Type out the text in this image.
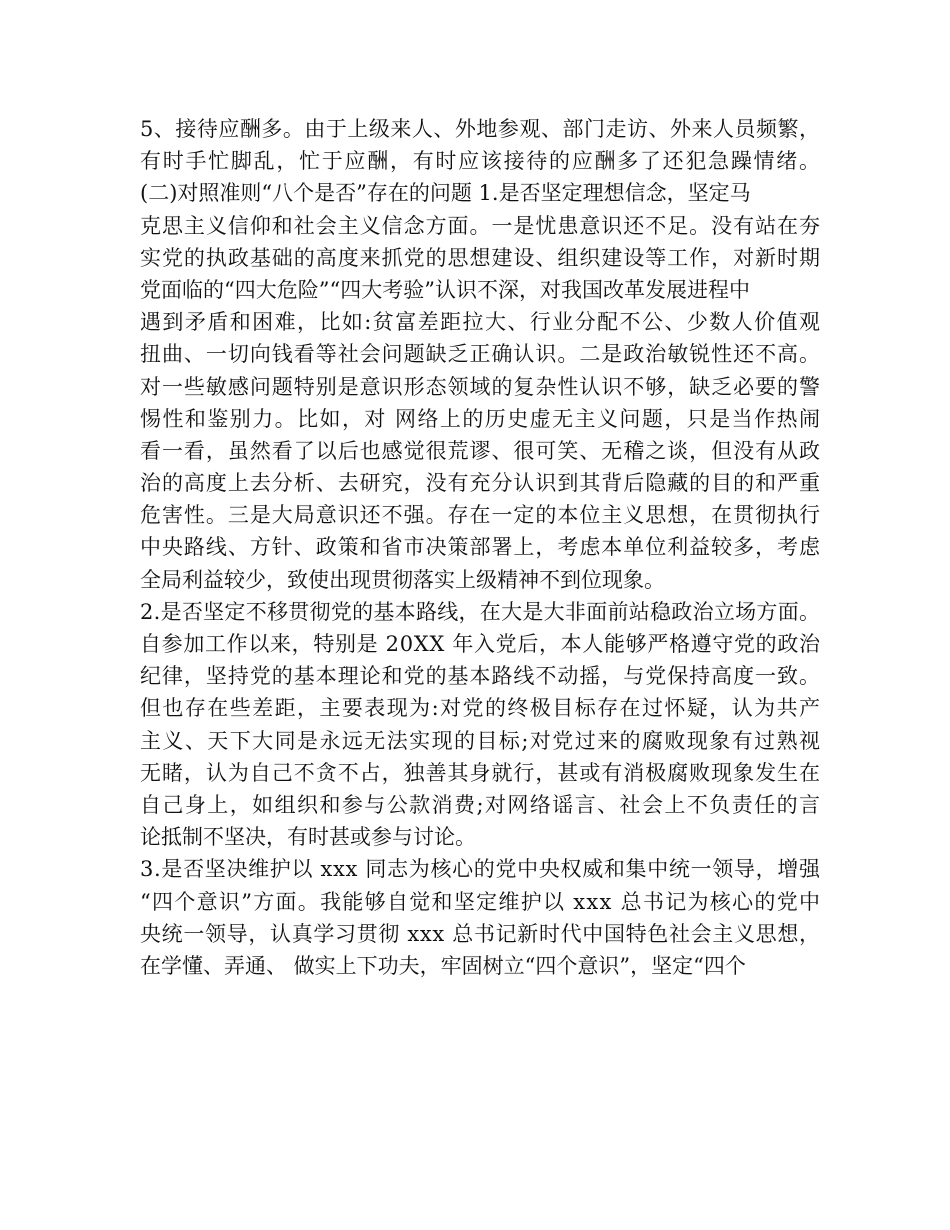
5、接待应酬多。由于上级来人、外地参观、部门走访、外来人员频繁，
有时手忙脚乱，忙于应酬，有时应该接待的应酬多了还犯急躁情绪。
(二)对照准则“八个是否”存在的问题 1.是否坚定理想信念，坚定马
克思主义信仰和社会主义信念方面。一是忧患意识还不足。没有站在夯
实党的执政基础的高度来抓党的思想建设、组织建设等工作，对新时期
党面临的“四大危险”“四大考验”认识不深，对我国改革发展进程中
遇到矛盾和困难，比如:贫富差距拉大、行业分配不公、少数人价值观
扭曲、一切向钱看等社会问题缺乏正确认识。二是政治敏锐性还不高。
对一些敏感问题特别是意识形态领域的复杂性认识不够，缺乏必要的警
惕性和鉴别力。比如，对 网络上的历史虚无主义问题，只是当作热闹
看一看，虽然看了以后也感觉很荒谬、很可笑、无稽之谈，但没有从政
治的高度上去分析、去研究，没有充分认识到其背后隐藏的目的和严重
危害性。三是大局意识还不强。存在一定的本位主义思想，在贯彻执行
中央路线、方针、政策和省市决策部署上，考虑本单位利益较多，考虑
全局利益较少，致使出现贯彻落实上级精神不到位现象。
2.是否坚定不移贯彻党的基本路线，在大是大非面前站稳政治立场方面。
自参加工作以来，特别是 20XX 年入党后，本人能够严格遵守党的政治
纪律，坚持党的基本理论和党的基本路线不动摇，与党保持高度一致。
但也存在些差距，主要表现为:对党的终极目标存在过怀疑，认为共产
主义、天下大同是永远无法实现的目标;对党过来的腐败现象有过熟视
无睹，认为自己不贪不占，独善其身就行，甚或有消极腐败现象发生在
自己身上，如组织和参与公款消费;对网络谣言、社会上不负责任的言
论抵制不坚决，有时甚或参与讨论。
3.是否坚决维护以 xxx 同志为核心的党中央权威和集中统一领导，增强
“四个意识”方面。我能够自觉和坚定维护以 xxx 总书记为核心的党中
央统一领导，认真学习贯彻 xxx 总书记新时代中国特色社会主义思想，
在学懂、弄通、 做实上下功夫，牢固树立“四个意识”，坚定“四个
